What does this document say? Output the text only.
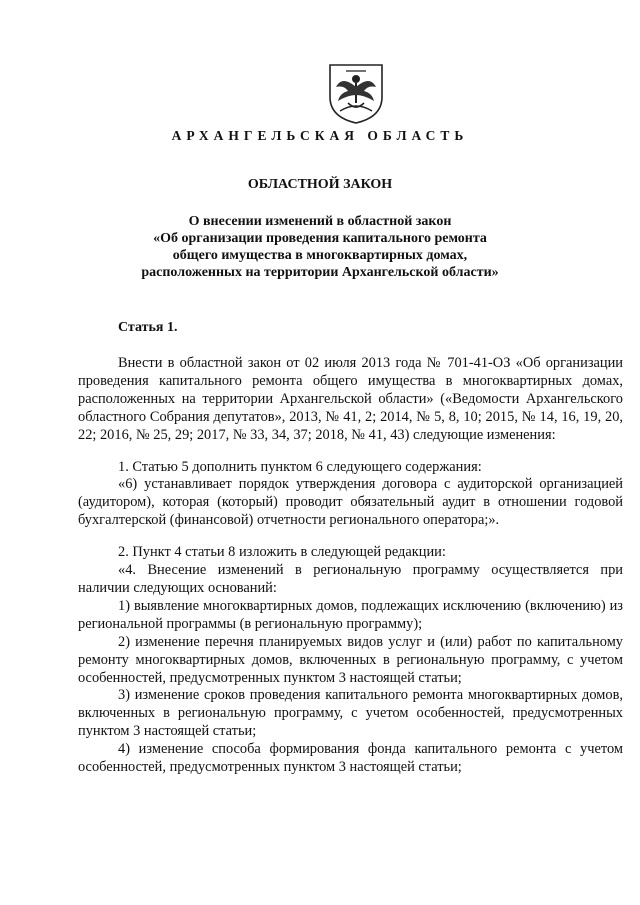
АРХАНГЕЛЬСКАЯ ОБЛАСТЬ
ОБЛАСТНОЙ ЗАКОН
О внесении изменений в областной закон
«Об организации проведения капитального ремонта
общего имущества в многоквартирных домах,
расположенных на территории Архангельской области»
Статья 1.

Внести в областной закон от 02 июля 2013 года № 701-41-ОЗ «Об организации проведения капитального ремонта общего имущества в многоквартирных домах, расположенных на территории Архангельской области» («Ведомости Архангельского областного Собрания депутатов», 2013, № 41, 2; 2014, № 5, 8, 10; 2015, № 14, 16, 19, 20, 22; 2016, № 25, 29; 2017, № 33, 34, 37; 2018, № 41, 43) следующие изменения:

1. Статью 5 дополнить пунктом 6 следующего содержания:

«6) устанавливает порядок утверждения договора с аудиторской организацией (аудитором), которая (который) проводит обязательный аудит в отношении годовой бухгалтерской (финансовой) отчетности регионального оператора;».

2. Пункт 4 статьи 8 изложить в следующей редакции:

«4. Внесение изменений в региональную программу осуществляется при наличии следующих оснований:

1) выявление многоквартирных домов, подлежащих исключению (включению) из региональной программы (в региональную программу);

2) изменение перечня планируемых видов услуг и (или) работ по капитальному ремонту многоквартирных домов, включенных в региональную программу, с учетом особенностей, предусмотренных пунктом 3 настоящей статьи;

3) изменение сроков проведения капитального ремонта многоквартирных домов, включенных в региональную программу, с учетом особенностей, предусмотренных пунктом 3 настоящей статьи;

4) изменение способа формирования фонда капитального ремонта с учетом особенностей, предусмотренных пунктом 3 настоящей статьи;
